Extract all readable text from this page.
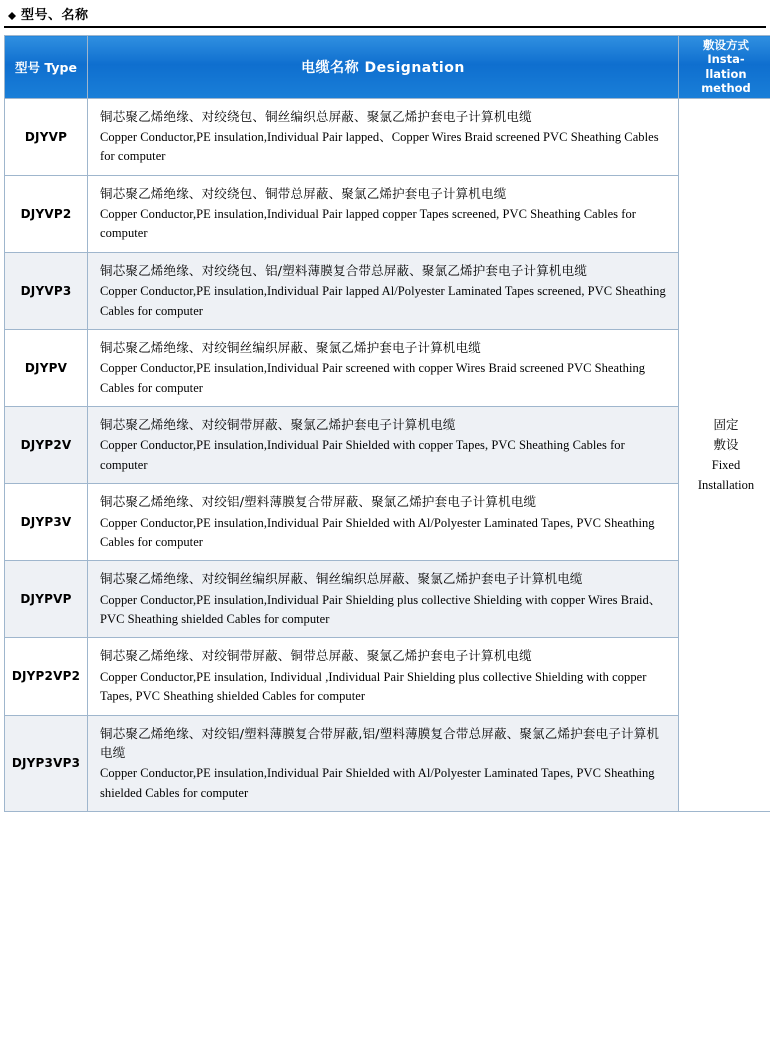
型号、名称
型号 Type	电缆名称 Designation	敷设方式
Insta-
llation
method

DJYVP	
铜芯聚乙烯绝缘、对绞绕包、铜丝编织总屏蔽、聚氯乙烯护套电子计算机电缆
Copper Conductor,PE insulation,Individual Pair lapped、Copper Wires Braid screened PVC Sheathing Cables for computer

固定
敷设
Fixed
Installation

DJYVP2	铜芯聚乙烯绝缘、对绞绕包、铜带总屏蔽、聚氯乙烯护套电子计算机电缆
Copper Conductor,PE insulation,Individual Pair lapped copper Tapes screened, PVC Sheathing Cables for computer	

DJYVP3	铜芯聚乙烯绝缘、对绞绕包、铝/塑料薄膜复合带总屏蔽、聚氯乙烯护套电子计算机电缆
Copper Conductor,PE insulation,Individual Pair lapped Al/Polyester Laminated Tapes screened, PVC Sheathing Cables for computer	

DJYPV	铜芯聚乙烯绝缘、对绞铜丝编织屏蔽、聚氯乙烯护套电子计算机电缆
Copper Conductor,PE insulation,Individual Pair screened with copper Wires Braid screened PVC Sheathing Cables for computer	

DJYP2V	铜芯聚乙烯绝缘、对绞铜带屏蔽、聚氯乙烯护套电子计算机电缆
Copper Conductor,PE insulation,Individual Pair Shielded with copper Tapes, PVC Sheathing Cables for computer	

DJYP3V	铜芯聚乙烯绝缘、对绞铝/塑料薄膜复合带屏蔽、聚氯乙烯护套电子计算机电缆
Copper Conductor,PE insulation,Individual Pair Shielded with Al/Polyester Laminated Tapes, PVC Sheathing Cables for computer	

DJYPVP	铜芯聚乙烯绝缘、对绞铜丝编织屏蔽、铜丝编织总屏蔽、聚氯乙烯护套电子计算机电缆
Copper Conductor,PE insulation,Individual Pair Shielding plus collective Shielding with copper Wires Braid、PVC Sheathing shielded Cables for computer	

DJYP2VP2	铜芯聚乙烯绝缘、对绞铜带屏蔽、铜带总屏蔽、聚氯乙烯护套电子计算机电缆
Copper Conductor,PE insulation, Individual ,Individual Pair Shielding plus collective Shielding with copper Tapes, PVC Sheathing shielded Cables for computer	

DJYP3VP3	铜芯聚乙烯绝缘、对绞铝/塑料薄膜复合带屏蔽,铝/塑料薄膜复合带总屏蔽、聚氯乙烯护套电子计算机电缆
Copper Conductor,PE insulation,Individual Pair Shielded with Al/Polyester Laminated Tapes, PVC Sheathing shielded Cables for computer	
